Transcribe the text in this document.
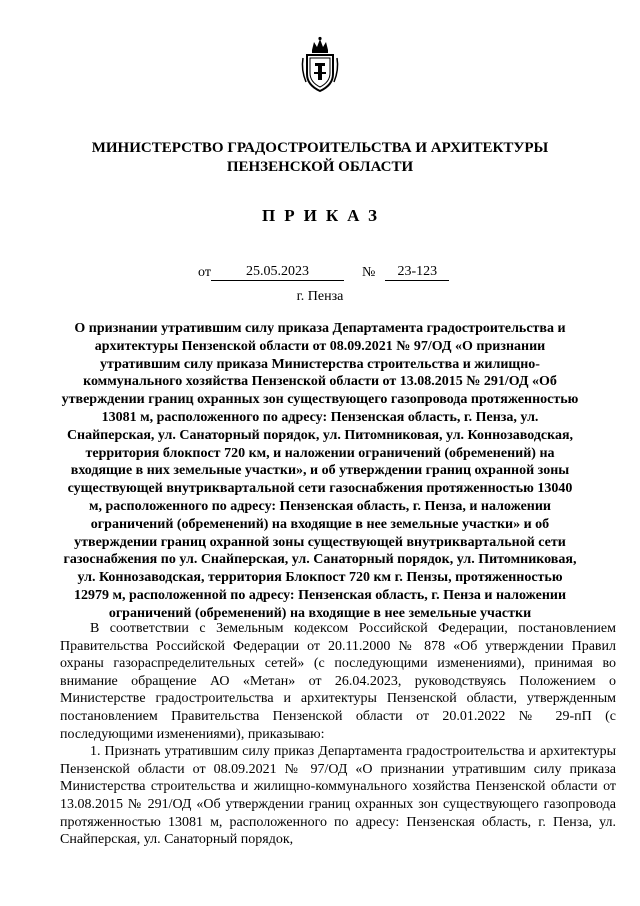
МИНИСТЕРСТВО ГРАДОСТРОИТЕЛЬСТВА И АРХИТЕКТУРЫ
ПЕНЗЕНСКОЙ ОБЛАСТИ
ПРИКАЗ
от	25.05.2023	№ 23-123
г. Пенза
О признании утратившим силу приказа Департамента градостроительства и архитектуры Пензенской области от 08.09.2021 № 97/ОД «О признании утратившим силу приказа Министерства строительства и жилищно-коммунального хозяйства Пензенской области от 13.08.2015 № 291/ОД «Об утверждении границ охранных зон существующего газопровода протяженностью 13081 м, расположенного по адресу: Пензенская область, г. Пенза, ул. Снайперская, ул. Санаторный порядок, ул. Питомниковая, ул. Коннозаводская, территория блокпост 720 км, и наложении ограничений (обременений) на входящие в них земельные участки», и об утверждении границ охранной зоны существующей внутриквартальной сети газоснабжения протяженностью 13040 м, расположенного по адресу: Пензенская область, г. Пенза, и наложении ограничений (обременений) на входящие в нее земельные участки» и об утверждении границ охранной зоны существующей внутриквартальной сети газоснабжения по ул. Снайперская, ул. Санаторный порядок, ул. Питомниковая, ул. Коннозаводская, территория Блокпост 720 км г. Пензы, протяженностью 12979 м, расположенной по адресу: Пензенская область, г. Пенза и наложении ограничений (обременений) на входящие в нее земельные участки

В соответствии с Земельным кодексом Российской Федерации, постановлением Правительства Российской Федерации от 20.11.2000 № 878 «Об утверждении Правил охраны газораспределительных сетей» (с последующими изменениями), принимая во внимание обращение АО «Метан» от 26.04.2023, руководствуясь Положением о Министерстве градостроительства и архитектуры Пензенской области, утвержденным постановлением Правительства Пензенской области от 20.01.2022 № 29-пП (с последующими изменениями), приказываю:

1. Признать утратившим силу приказ Департамента градостроительства и архитектуры Пензенской области от 08.09.2021 № 97/ОД «О признании утратившим силу приказа Министерства строительства и жилищно-коммунального хозяйства Пензенской области от 13.08.2015 № 291/ОД «Об утверждении границ охранных зон существующего газопровода протяженностью 13081 м, расположенного по адресу: Пензенская область, г. Пенза, ул. Снайперская, ул. Санаторный порядок,
